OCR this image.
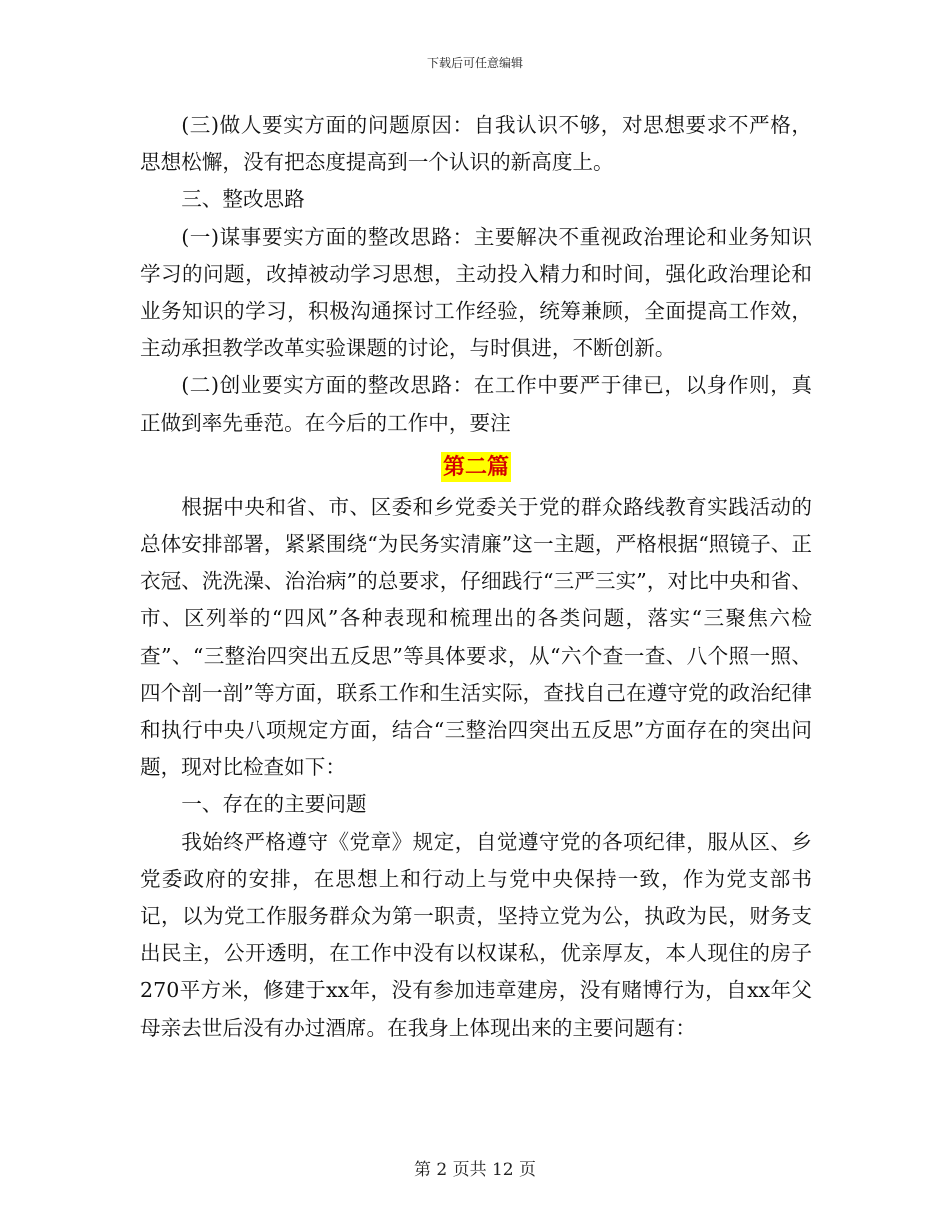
下载后可任意编辑

(三)做人要实方面的问题原因：自我认识不够，对思想要求不严格，思想松懈，没有把态度提高到一个认识的新高度上。

三、整改思路

(一)谋事要实方面的整改思路：主要解决不重视政治理论和业务知识学习的问题，改掉被动学习思想，主动投入精力和时间，强化政治理论和业务知识的学习，积极沟通探讨工作经验，统筹兼顾，全面提高工作效，主动承担教学改革实验课题的讨论，与时俱进，不断创新。

(二)创业要实方面的整改思路：在工作中要严于律已，以身作则，真正做到率先垂范。在今后的工作中，要注

第二篇

根据中央和省、市、区委和乡党委关于党的群众路线教育实践活动的总体安排部署，紧紧围绕“为民务实清廉”这一主题，严格根据“照镜子、正衣冠、洗洗澡、治治病”的总要求，仔细践行“三严三实”，对比中央和省、市、区列举的“四风”各种表现和梳理出的各类问题，落实“三聚焦六检查”、“三整治四突出五反思”等具体要求，从“六个查一查、八个照一照、四个剖一剖”等方面，联系工作和生活实际，查找自己在遵守党的政治纪律和执行中央八项规定方面，结合“三整治四突出五反思”方面存在的突出问题，现对比检查如下：

一、存在的主要问题

我始终严格遵守《党章》规定，自觉遵守党的各项纪律，服从区、乡党委政府的安排，在思想上和行动上与党中央保持一致，作为党支部书记，以为党工作服务群众为第一职责，坚持立党为公，执政为民，财务支出民主，公开透明，在工作中没有以权谋私，优亲厚友，本人现住的房子270平方米，修建于xx年，没有参加违章建房，没有赌博行为，自xx年父母亲去世后没有办过酒席。在我身上体现出来的主要问题有：

第 2 页共 12 页
